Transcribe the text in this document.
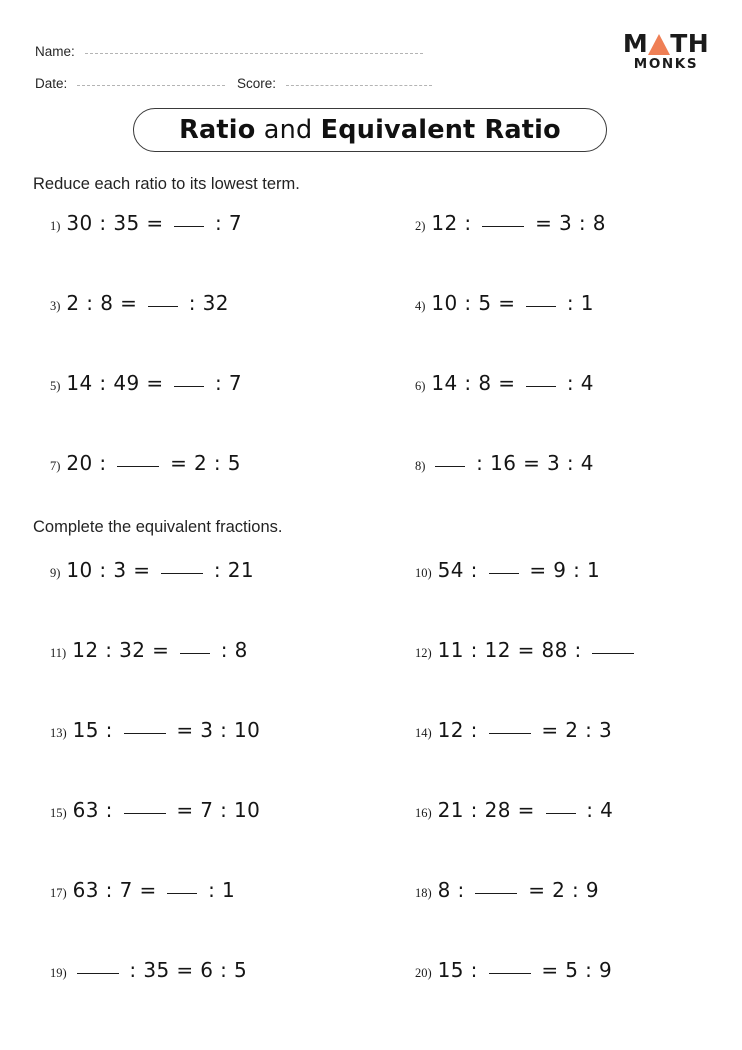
Name:
Date:	Score:
M TH
MONKS
Ratio and Equivalent Ratio
Reduce each ratio to its lowest term.
Complete the equivalent fractions.
1) 30 : 35 =  : 7	2) 12 :	= 3 : 8
3) 2 : 8 =  : 32	4) 10 : 5 =  : 1
5) 14 : 49 =  : 7	6) 14 : 8 =  : 4
7) 20 :	= 2 : 5	8)	: 16 = 3 : 4
9) 10 : 3 =	: 21	10) 54 :  = 9 : 1
11) 12 : 32 =  : 8	12) 11 : 12 = 88 :
13) 15 :	= 3 : 10	14) 12 :	= 2 : 3
15) 63 :	= 7 : 10	16) 21 : 28 =  : 4
17) 63 : 7 =  : 1	18) 8 :	= 2 : 9
19)	: 35 = 6 : 5	20) 15 :	= 5 : 9
